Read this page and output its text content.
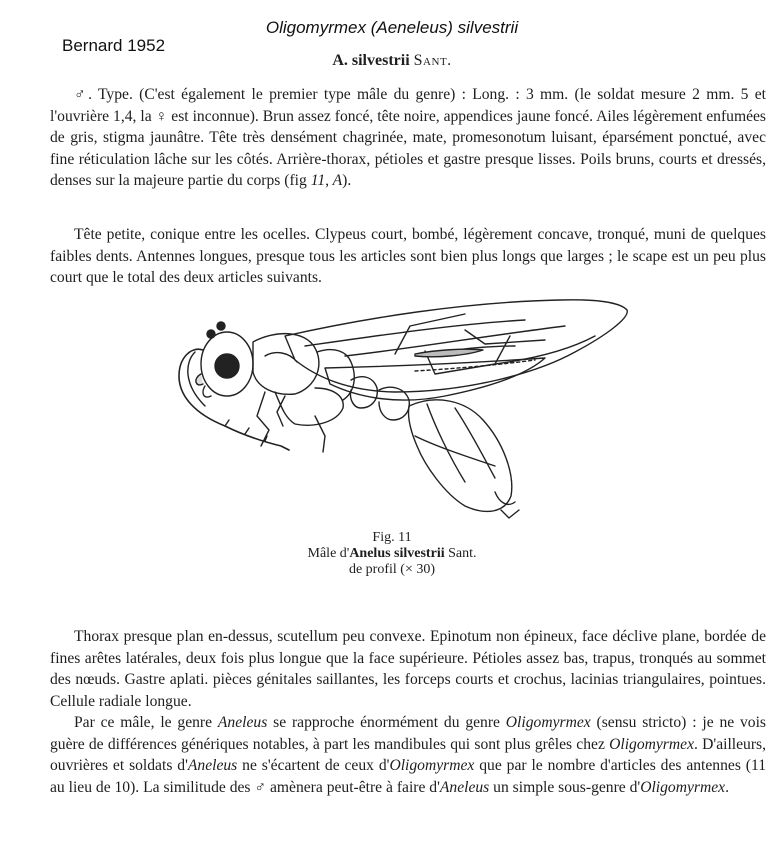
Oligomyrmex (Aeneleus) silvestrii
Bernard 1952
A. silvestrii Sant.

♂. Type. (C'est également le premier type mâle du genre) : Long. : 3 mm. (le soldat mesure 2 mm. 5 et l'ouvrière 1,4, la ♀ est inconnue). Brun assez foncé, tête noire, appendices jaune foncé. Ailes légèrement enfumées de gris, stigma jaunâtre. Tête très densément chagrinée, mate, promesonotum luisant, éparsément ponctué, avec fine réticulation lâche sur les côtés. Arrière-thorax, pétioles et gastre presque lisses. Poils bruns, courts et dressés, denses sur la majeure partie du corps (fig 11, A).

Tête petite, conique entre les ocelles. Clypeus court, bombé, légèrement concave, tronqué, muni de quelques faibles dents. Antennes longues, presque tous les articles sont bien plus longs que larges ; le scape est un peu plus court que le total des deux articles suivants.

Fig. 11
Mâle d'Anelus silvestrii Sant.
de profil (× 30)

Thorax presque plan en-dessus, scutellum peu convexe. Epinotum non épineux, face déclive plane, bordée de fines arêtes latérales, deux fois plus longue que la face supérieure. Pétioles assez bas, trapus, tronqués au sommet des nœuds. Gastre aplati. pièces génitales saillantes, les forceps courts et crochus, lacinias triangulaires, pointues. Cellule radiale longue.

Par ce mâle, le genre Aneleus se rapproche énormément du genre Oligomyrmex (sensu stricto) : je ne vois guère de différences génériques notables, à part les mandibules qui sont plus grêles chez Oligomyrmex. D'ailleurs, ouvrières et soldats d'Aneleus ne s'écartent de ceux d'Oligomyrmex que par le nombre d'articles des antennes (11 au lieu de 10). La similitude des ♂ amènera peut-être à faire d'Aneleus un simple sous-genre d'Oligomyrmex.
